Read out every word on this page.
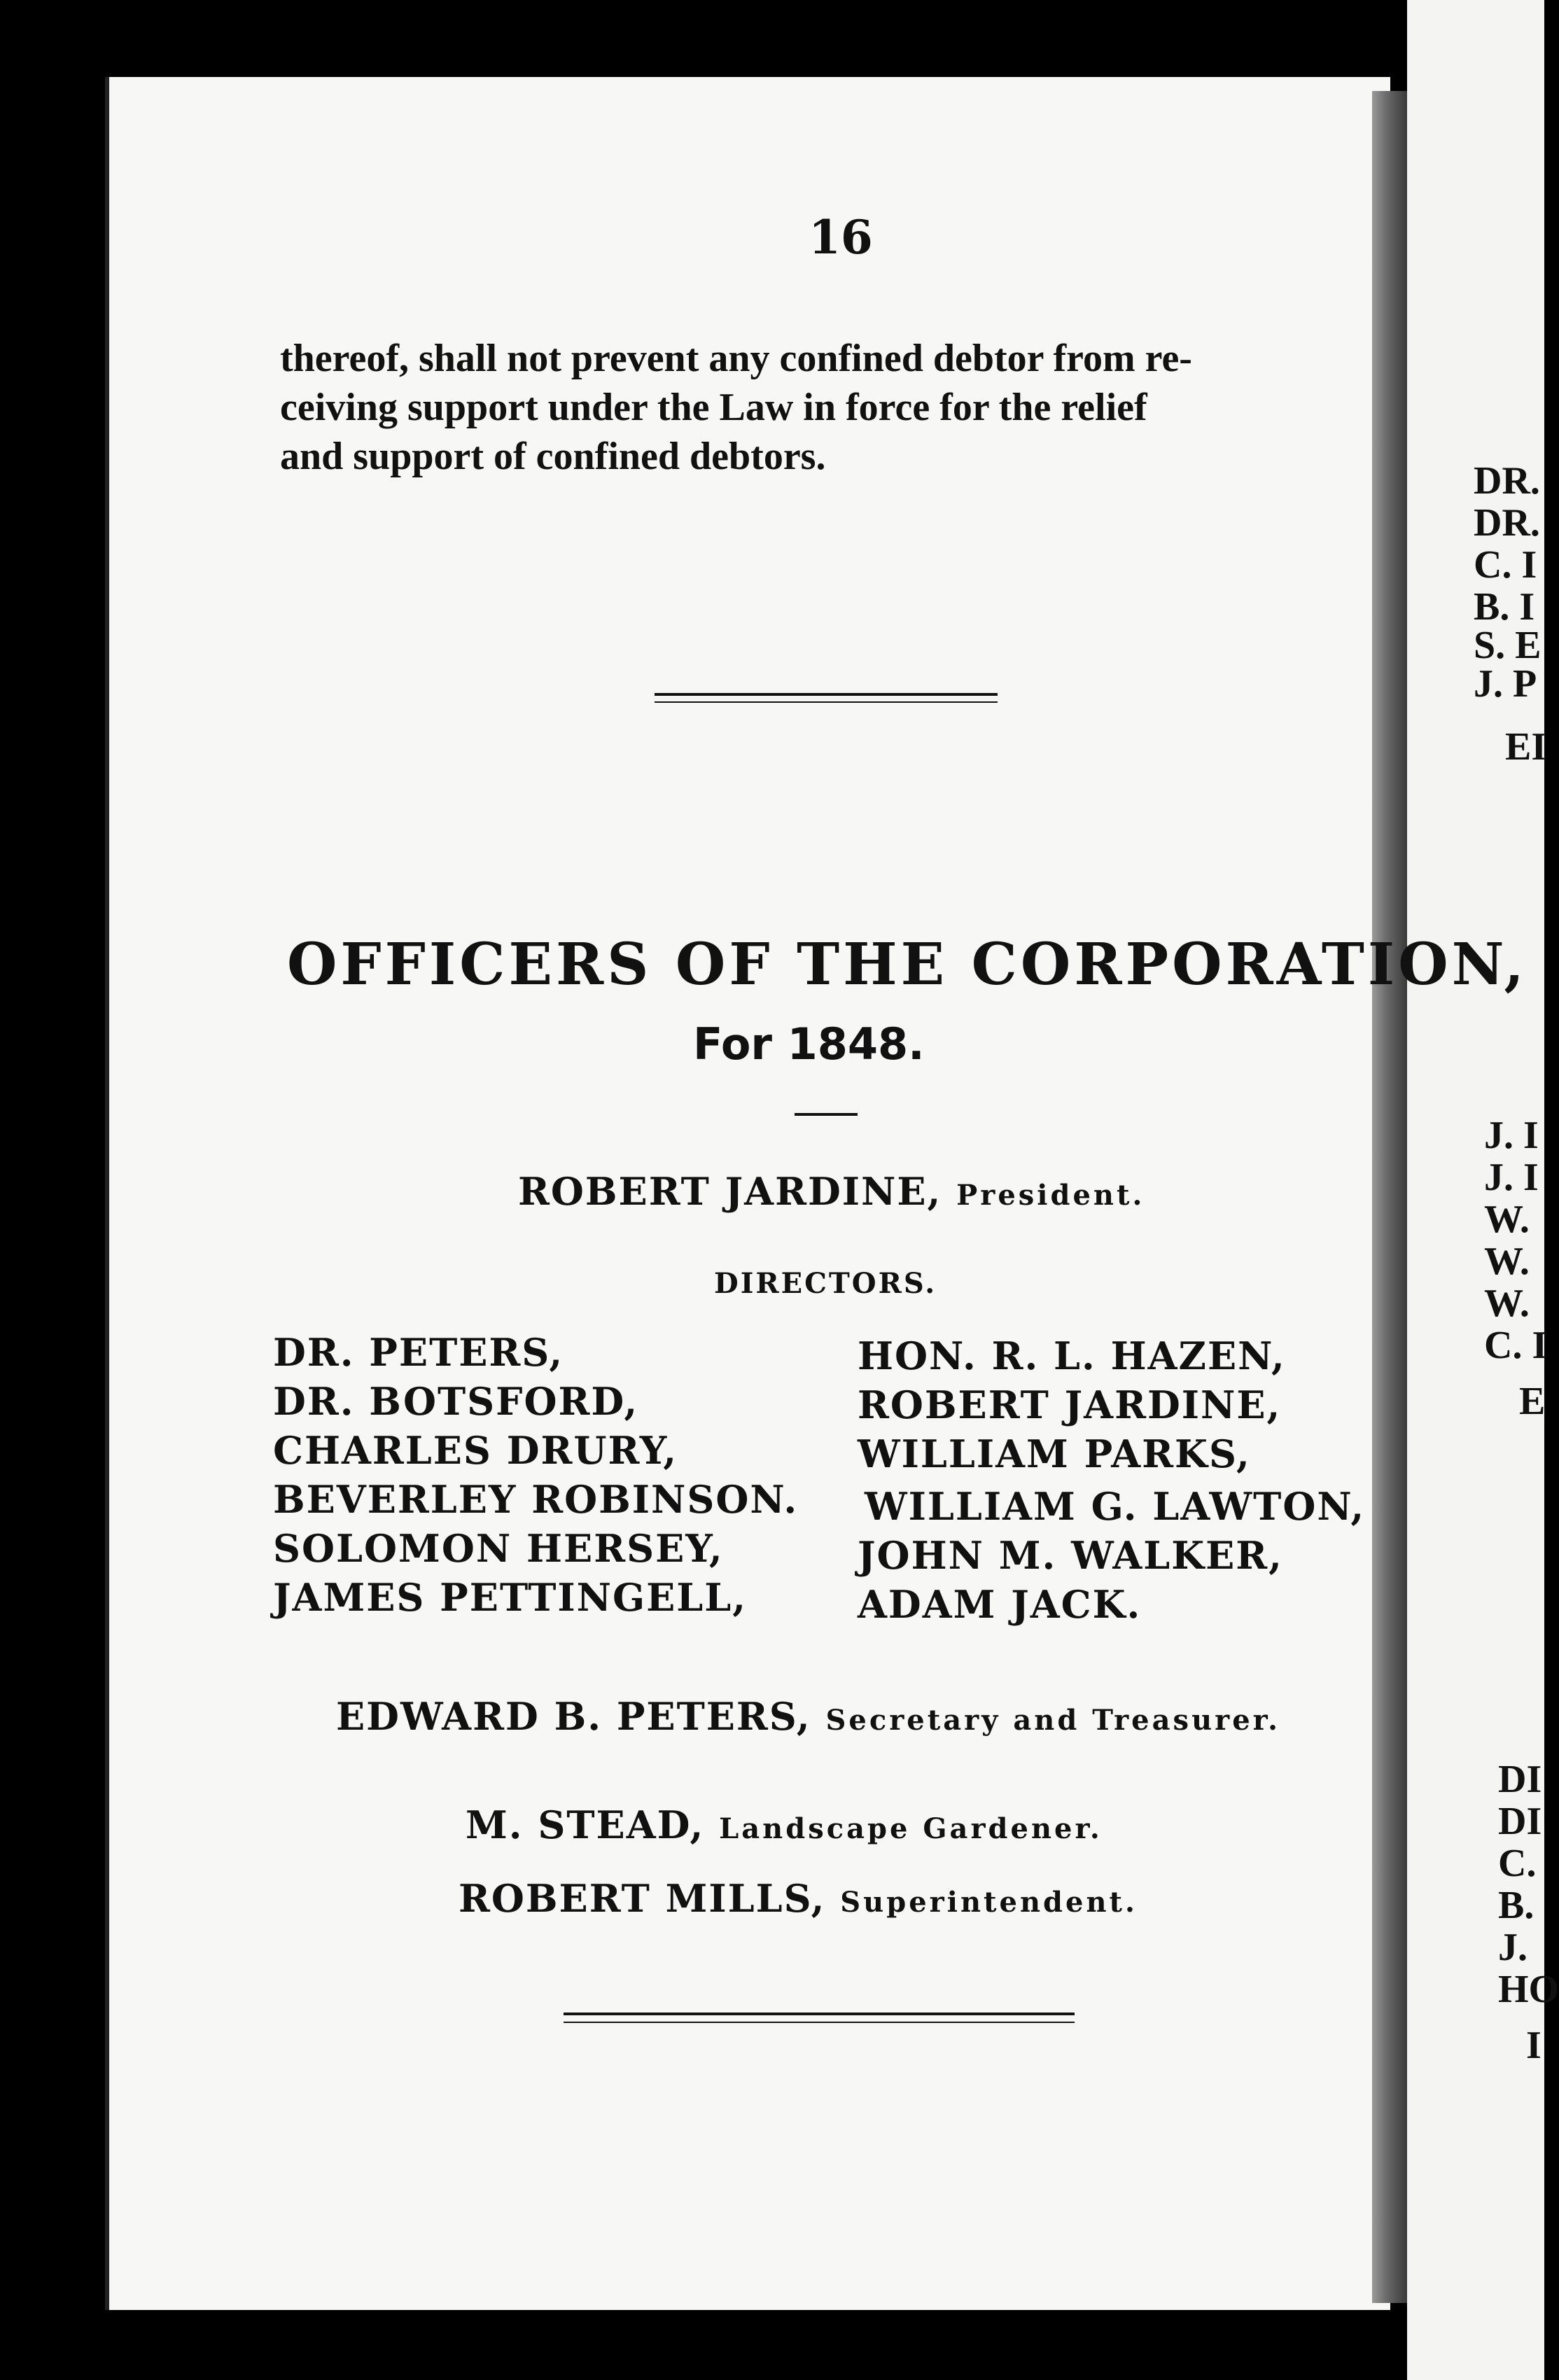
16
thereof, shall not prevent any confined debtor from re-
ceiving support under the Law in force for the relief
and support of confined debtors.
OFFICERS OF THE CORPORATION,
For 1848.
ROBERT JARDINE, President.
DIRECTORS.
DR. PETERS,
DR. BOTSFORD,
CHARLES DRURY,
BEVERLEY ROBINSON.
SOLOMON HERSEY,
JAMES PETTINGELL,
HON. R. L. HAZEN,
ROBERT JARDINE,
WILLIAM PARKS,
WILLIAM G. LAWTON,
JOHN M. WALKER,
ADAM JACK.
EDWARD B. PETERS, Secretary and Treasurer.
M. STEAD, Landscape Gardener.
ROBERT MILLS, Superintendent.
DR.
DR.
C. I
B. I
S. E
J. P
EI
J. I
J. I
W.
W.
W.
C. I
E
DI
DI
C.
B.
J.
HO
I
